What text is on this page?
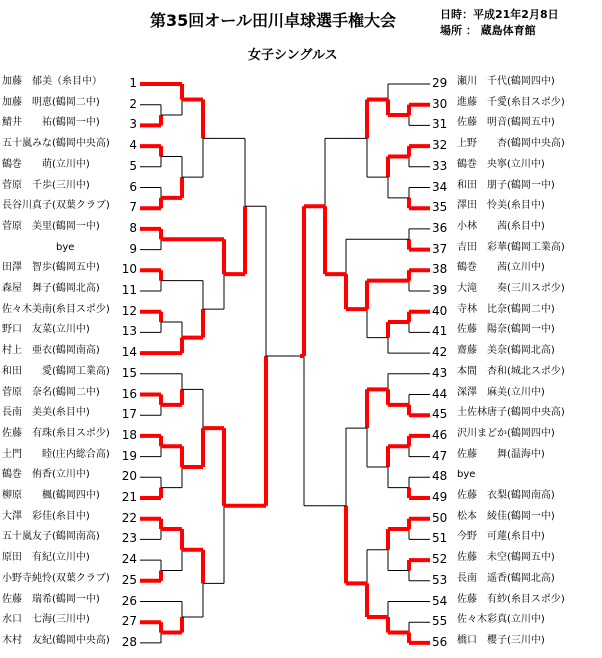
第35回オール田川卓球選手権大会	日時：平成21年2月8日
場所 ： 蔵島体育館
女子シングルス
加藤　郁美（糸目中）	1
加藤　明恵(鶴岡二中)	2
鯖井　　祐(鶴岡一中)	3
五十嵐みな(鶴岡中央高)	4
鶴巻　　萌(立川中)	5
菅原　千歩(三川中)	6
長谷川真子(双葉クラブ)	7
菅原　美里(鶴岡一中)	8
bye	9
田澤　智歩(鶴岡五中)	10
森屋　舞子(鶴岡北高)	11
佐々木美南(糸目スポ少) 12
野口　友菜(立川中)	13
村上　亜衣(鶴岡南高)	14
和田　　愛(鶴岡工業高) 15
菅原　奈名(鶴岡二中)	16
長南　美美(糸目中)	17
佐藤　有珠(糸目スポ少) 18
土門　　睦(庄内総合高) 19
鶴巻　侑香(立川中)	20
柳原　　楓(鶴岡四中)	21
大澤　彩佳(糸目中)	22
五十嵐友子(鶴岡南高)	23
原田　有紀(立川中)	24
小野寺純怜(双葉クラブ) 25
佐藤　瑞希(鶴岡一中)	26
水口　七海(三川中)	27
木村　友紀(鶴岡中央高) 28
29 瀬川　千代(鶴岡四中)
30 進藤　千愛(糸目スポ少)
31 佐藤　明音(鶴岡五中)
32 上野　　杏(鶴岡中央高)
33 鶴巻　央寧(立川中)
34 和田　朋子(鶴岡一中)
35 澤田　怜美(糸目中)
36 小林　　茜(糸目中)
37 吉田　彩華(鶴岡工業高)
38 鶴巻　　茜(立川中)
39 大滝　　奏(三川スポ少)
40 寺林　比奈(鶴岡二中)
41 佐藤　陽奈(鶴岡一中)
42 齋藤　美奈(鶴岡北高)
43 本間　杏和(城北スポ少)
44 深澤　麻美(立川中)
45 土佐林唐子(鶴岡中央高)
46 沢川まどか(鶴岡四中)
47 佐藤　　舞(温海中)
48 bye
49 佐藤　衣梨(鶴岡南高)
50 松本　綾佳(鶴岡一中)
51 今野　可蓮(糸目中)
52 佐藤　未空(鶴岡五中)
53 長南　遥香(鶴岡北高)
54 佐藤　有紗(糸目スポ少)
55 佐々木彩真(立川中)
56 橋口　櫻子(三川中)
